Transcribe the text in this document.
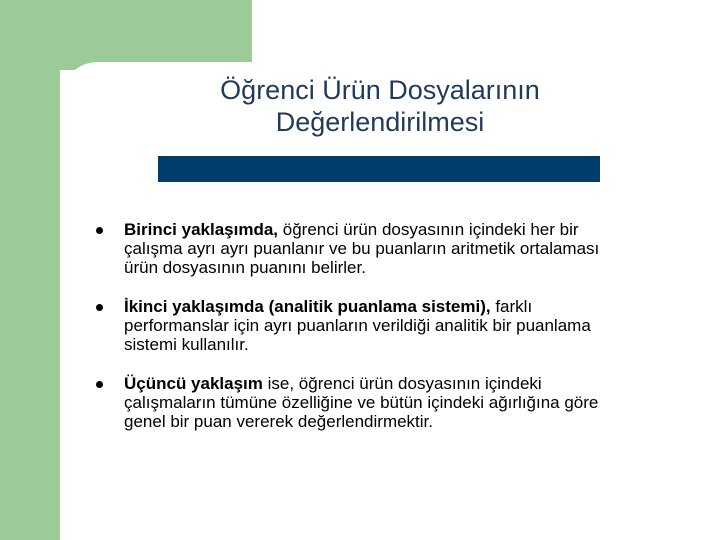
Öğrenci Ürün Dosyalarının
Değerlendirilmesi

Birinci yaklaşımda, öğrenci ürün dosyasının içindeki her bir çalışma ayrı ayrı puanlanır ve bu puanların aritmetik ortalaması ürün dosyasının puanını belirler.

İkinci yaklaşımda (analitik puanlama sistemi), farklı performanslar için ayrı puanların verildiği analitik bir puanlama sistemi kullanılır.

Üçüncü yaklaşım ise, öğrenci ürün dosyasının içindeki çalışmaların tümüne özelliğine ve bütün içindeki ağırlığına göre genel bir puan vererek değerlendirmektir.
